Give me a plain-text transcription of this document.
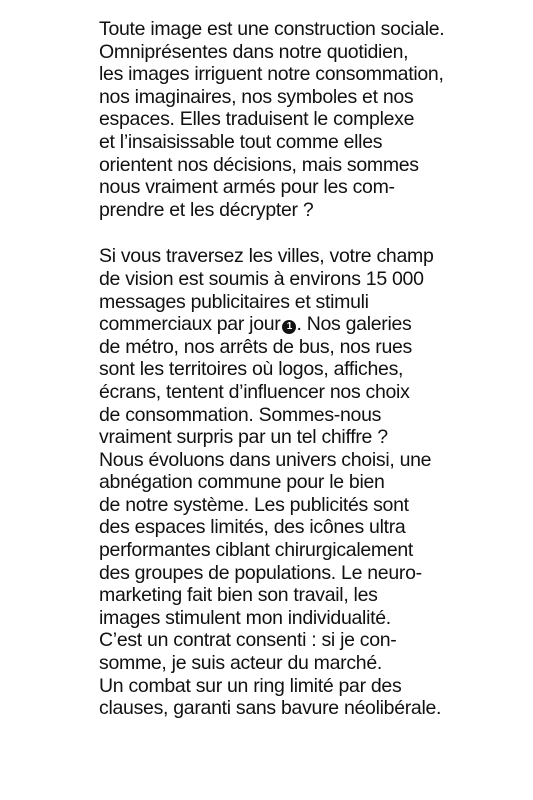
Toute image est une construction sociale.
Omniprésentes dans notre quotidien,
les images irriguent notre consommation,
nos imaginaires, nos symboles et nos
espaces. Elles traduisent le complexe
et l’insaisissable tout comme elles
orientent nos décisions, mais sommes
nous vraiment armés pour les com-
prendre et les décrypter ?

Si vous traversez les villes, votre champ
de vision est soumis à environs 15 000
messages publicitaires et stimuli
commerciaux par jour 1 . Nos galeries
de métro, nos arrêts de bus, nos rues
sont les territoires où logos, affiches,
écrans, tentent d’influencer nos choix
de consommation. Sommes-nous
vraiment surpris par un tel chiffre ?
Nous évoluons dans univers choisi, une
abnégation commune pour le bien
de notre système. Les publicités sont
des espaces limités, des icônes ultra
performantes ciblant chirurgicalement
des groupes de populations. Le neuro-
marketing fait bien son travail, les
images stimulent mon individualité.
C’est un contrat consenti : si je con-
somme, je suis acteur du marché.
Un combat sur un ring limité par des
clauses, garanti sans bavure néolibérale.
